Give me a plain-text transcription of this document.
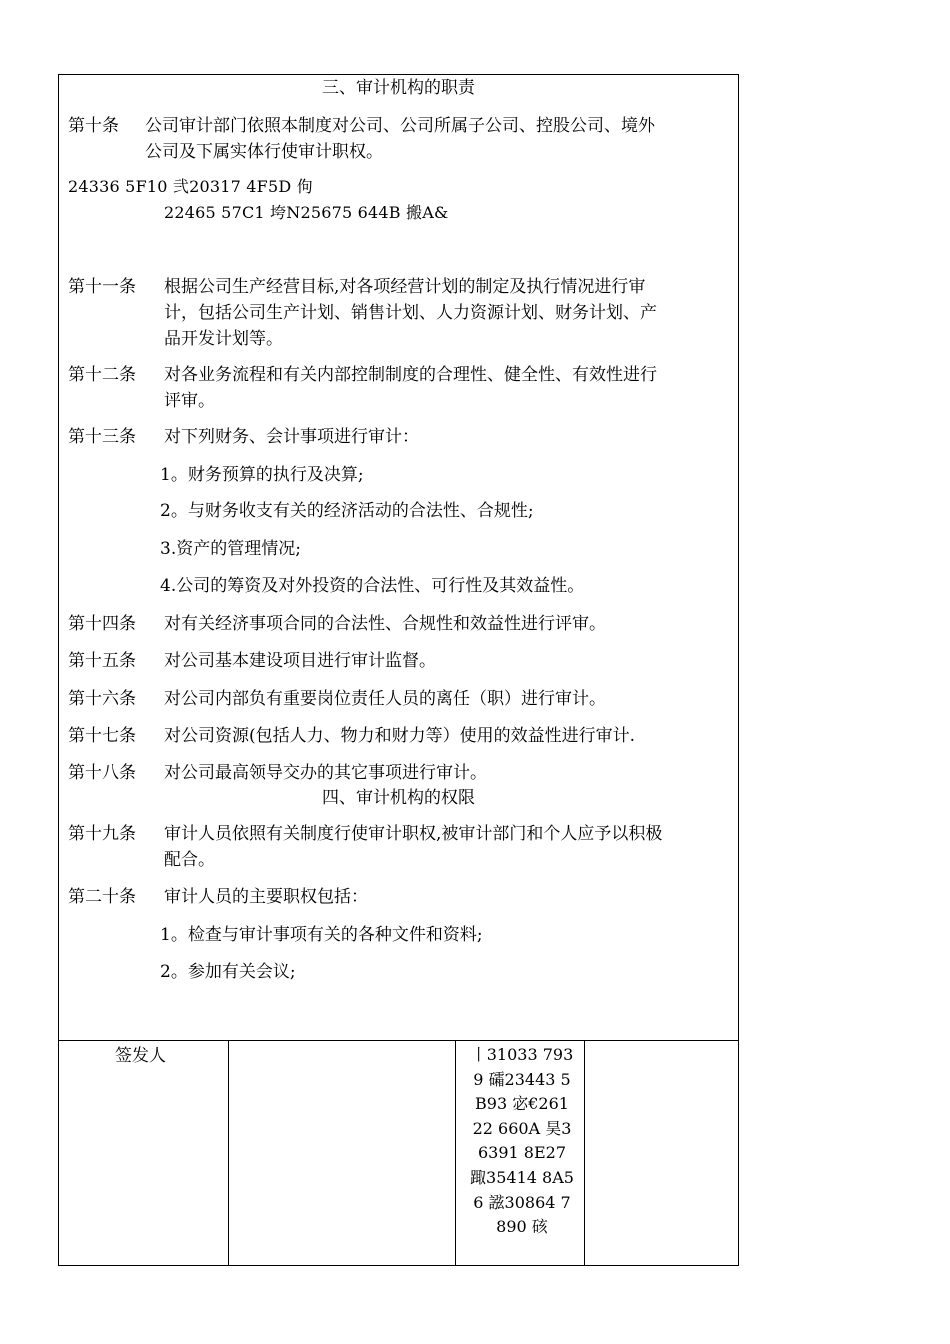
三、审计机构的职责
第十条 公司审计部门依照本制度对公司、公司所属子公司、控股公司、境外
公司及下属实体行使审计职权。
24336 5F10 弐20317 4F5D 佝
22465 57C1 垮N25675 644B 搬A&
第十一条 根据公司生产经营目标,对各项经营计划的制定及执行情况进行审
计，包括公司生产计划、销售计划、人力资源计划、财务计划、产
品开发计划等。
第十二条 对各业务流程和有关内部控制制度的合理性、健全性、有效性进行
评审。
第十三条 对下列财务、会计事项进行审计：
1。财务预算的执行及决算;
2。与财务收支有关的经济活动的合法性、合规性;
3.资产的管理情况;
4.公司的筹资及对外投资的合法性、可行性及其效益性。
第十四条 对有关经济事项合同的合法性、合规性和效益性进行评审。
第十五条 对公司基本建设项目进行审计监督。
第十六条 对公司内部负有重要岗位责任人员的离任（职）进行审计。
第十七条 对公司资源(包括人力、物力和财力等）使用的效益性进行审计.
第十八条 对公司最高领导交办的其它事项进行审计。
四、审计机构的权限
第十九条 审计人员依照有关制度行使审计职权,被审计部门和个人应予以积极
配合。
第二十条 审计人员的主要职权包括：
1。检查与审计事项有关的各种文件和资料;
2。参加有关会议;
签发人	丨31033 793
9 礵23443 5
B93 宓€261
22 660A 昊3
6391 8E27
踙35414 8A5
6 誸30864 7
890 硋
